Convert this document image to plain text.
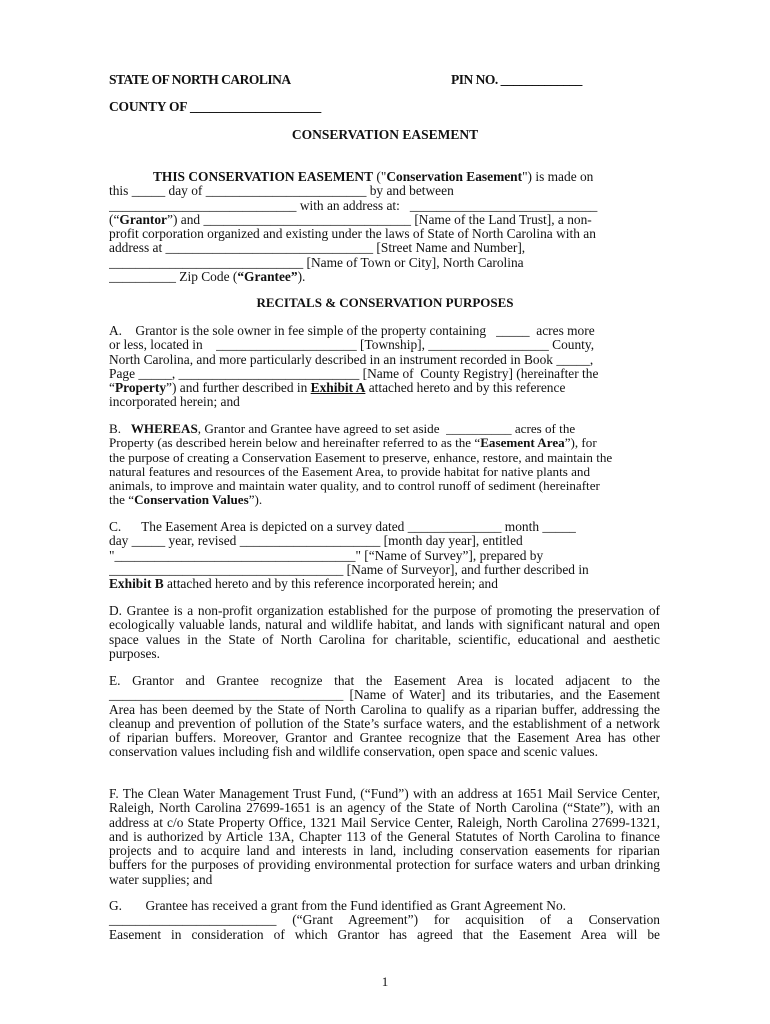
STATE OF NORTH CAROLINA	PIN NO. _____________
COUNTY OF ____________________
CONSERVATION EASEMENT
THIS CONSERVATION EASEMENT ("Conservation Easement") is made on
this _____ day of ________________________ by and between
____________________________ with an address at:   ____________________________
(“Grantor”) and _______________________________ [Name of the Land Trust], a non-
profit corporation organized and existing under the laws of State of North Carolina with an
address at _______________________________ [Street Name and Number],
_____________________________ [Name of Town or City], North Carolina
__________ Zip Code (“Grantee”).
RECITALS & CONSERVATION PURPOSES
A.    Grantor is the sole owner in fee simple of the property containing   _____  acres more
or less, located in    _____________________ [Township], __________________ County,
North Carolina, and more particularly described in an instrument recorded in Book _____,
Page _____, ___________________________ [Name of  County Registry] (hereinafter the
“Property”) and further described in Exhibit A attached hereto and by this reference
incorporated herein; and
B.   WHEREAS, Grantor and Grantee have agreed to set aside  __________ acres of the
Property (as described herein below and hereinafter referred to as the “Easement Area”), for
the purpose of creating a Conservation Easement to preserve, enhance, restore, and maintain the
natural features and resources of the Easement Area, to provide habitat for native plants and
animals, to improve and maintain water quality, and to control runoff of sediment (hereinafter
the “Conservation Values”).
C.      The Easement Area is depicted on a survey dated ______________ month _____
day _____ year, revised _____________________ [month day year], entitled
"____________________________________" [“Name of Survey”], prepared by
___________________________________ [Name of Surveyor], and further described in
Exhibit B attached hereto and by this reference incorporated herein; and
D. Grantee is a non-profit organization established for the purpose of promoting the preservation of ecologically valuable lands, natural and wildlife habitat, and lands with significant natural and open space values in the State of North Carolina for charitable, scientific, educational and aesthetic purposes.
E. Grantor and Grantee recognize that the Easement Area is located adjacent to the ___________________________________ [Name of Water] and its tributaries, and the Easement Area has been deemed by the State of North Carolina to qualify as a riparian buffer, addressing the cleanup and prevention of pollution of the State’s surface waters, and the establishment of a network of riparian buffers. Moreover, Grantor and Grantee recognize that the Easement Area has other conservation values including fish and wildlife conservation, open space and scenic values.
F. The Clean Water Management Trust Fund, (“Fund”) with an address at 1651 Mail Service Center, Raleigh, North Carolina 27699-1651 is an agency of the State of North Carolina (“State”), with an address at c/o State Property Office, 1321 Mail Service Center, Raleigh, North Carolina 27699-1321, and is authorized by Article 13A, Chapter 113 of the General Statutes of North Carolina to finance projects and to acquire land and interests in land, including conservation easements for riparian buffers for the purposes of providing environmental protection for surface waters and urban drinking water supplies; and
G.       Grantee has received a grant from the Fund identified as Grant Agreement No.
_________________________ (“Grant Agreement”) for acquisition of a Conservation
Easement in consideration of which Grantor has agreed that the Easement Area will be
1
